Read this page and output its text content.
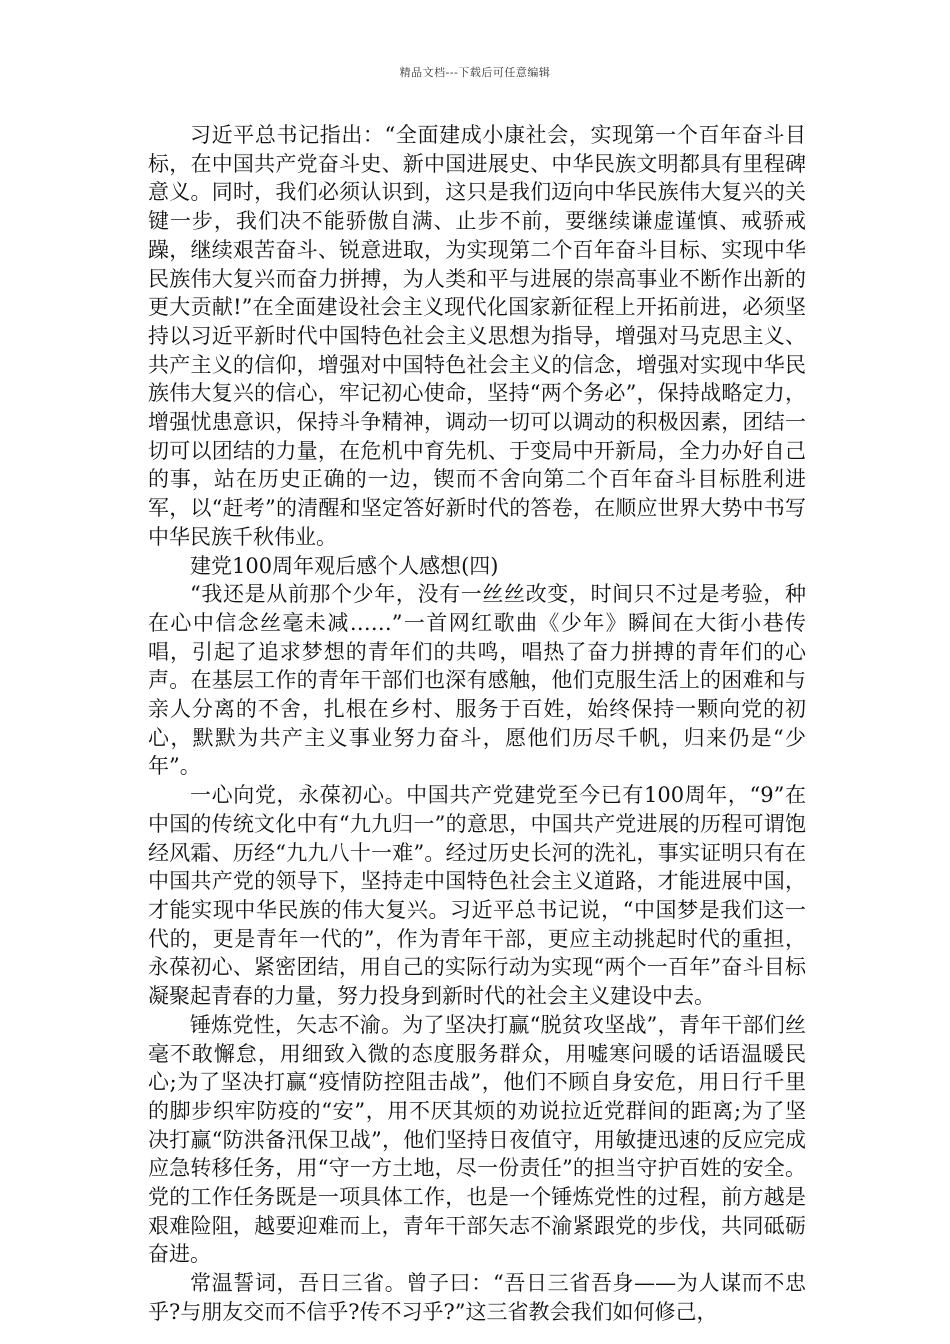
精品文档---下载后可任意编辑

习近平总书记指出：“全面建成小康社会，实现第一个百年奋斗目标，在中国共产党奋斗史、新中国进展史、中华民族文明都具有里程碑意义。同时，我们必须认识到，这只是我们迈向中华民族伟大复兴的关键一步，我们决不能骄傲自满、止步不前，要继续谦虚谨慎、戒骄戒躁，继续艰苦奋斗、锐意进取，为实现第二个百年奋斗目标、实现中华民族伟大复兴而奋力拼搏，为人类和平与进展的崇高事业不断作出新的更大贡献!”在全面建设社会主义现代化国家新征程上开拓前进，必须坚持以习近平新时代中国特色社会主义思想为指导，增强对马克思主义、共产主义的信仰，增强对中国特色社会主义的信念，增强对实现中华民族伟大复兴的信心，牢记初心使命，坚持“两个务必”，保持战略定力，增强忧患意识，保持斗争精神，调动一切可以调动的积极因素，团结一切可以团结的力量，在危机中育先机、于变局中开新局，全力办好自己的事，站在历史正确的一边，锲而不舍向第二个百年奋斗目标胜利进军，以“赶考”的清醒和坚定答好新时代的答卷，在顺应世界大势中书写中华民族千秋伟业。

建党100周年观后感个人感想(四)

“我还是从前那个少年，没有一丝丝改变，时间只不过是考验，种在心中信念丝毫未减……”一首网红歌曲《少年》瞬间在大街小巷传唱，引起了追求梦想的青年们的共鸣，唱热了奋力拼搏的青年们的心声。在基层工作的青年干部们也深有感触，他们克服生活上的困难和与亲人分离的不舍，扎根在乡村、服务于百姓，始终保持一颗向党的初心，默默为共产主义事业努力奋斗，愿他们历尽千帆，归来仍是“少年”。

一心向党，永葆初心。中国共产党建党至今已有100周年，“9”在中国的传统文化中有“九九归一”的意思，中国共产党进展的历程可谓饱经风霜、历经“九九八十一难”。经过历史长河的洗礼，事实证明只有在中国共产党的领导下，坚持走中国特色社会主义道路，才能进展中国，才能实现中华民族的伟大复兴。习近平总书记说，“中国梦是我们这一代的，更是青年一代的”，作为青年干部，更应主动挑起时代的重担，永葆初心、紧密团结，用自己的实际行动为实现“两个一百年”奋斗目标凝聚起青春的力量，努力投身到新时代的社会主义建设中去。

锤炼党性，矢志不渝。为了坚决打赢“脱贫攻坚战”，青年干部们丝毫不敢懈怠，用细致入微的态度服务群众，用嘘寒问暖的话语温暖民心;为了坚决打赢“疫情防控阻击战”，他们不顾自身安危，用日行千里的脚步织牢防疫的“安”，用不厌其烦的劝说拉近党群间的距离;为了坚决打赢“防洪备汛保卫战”，他们坚持日夜值守，用敏捷迅速的反应完成应急转移任务，用“守一方土地，尽一份责任”的担当守护百姓的安全。党的工作任务既是一项具体工作，也是一个锤炼党性的过程，前方越是艰难险阻，越要迎难而上，青年干部矢志不渝紧跟党的步伐，共同砥砺奋进。

常温誓词，吾日三省。曾子曰：“吾日三省吾身——为人谋而不忠乎?与朋友交而不信乎?传不习乎?”这三省教会我们如何修己，
